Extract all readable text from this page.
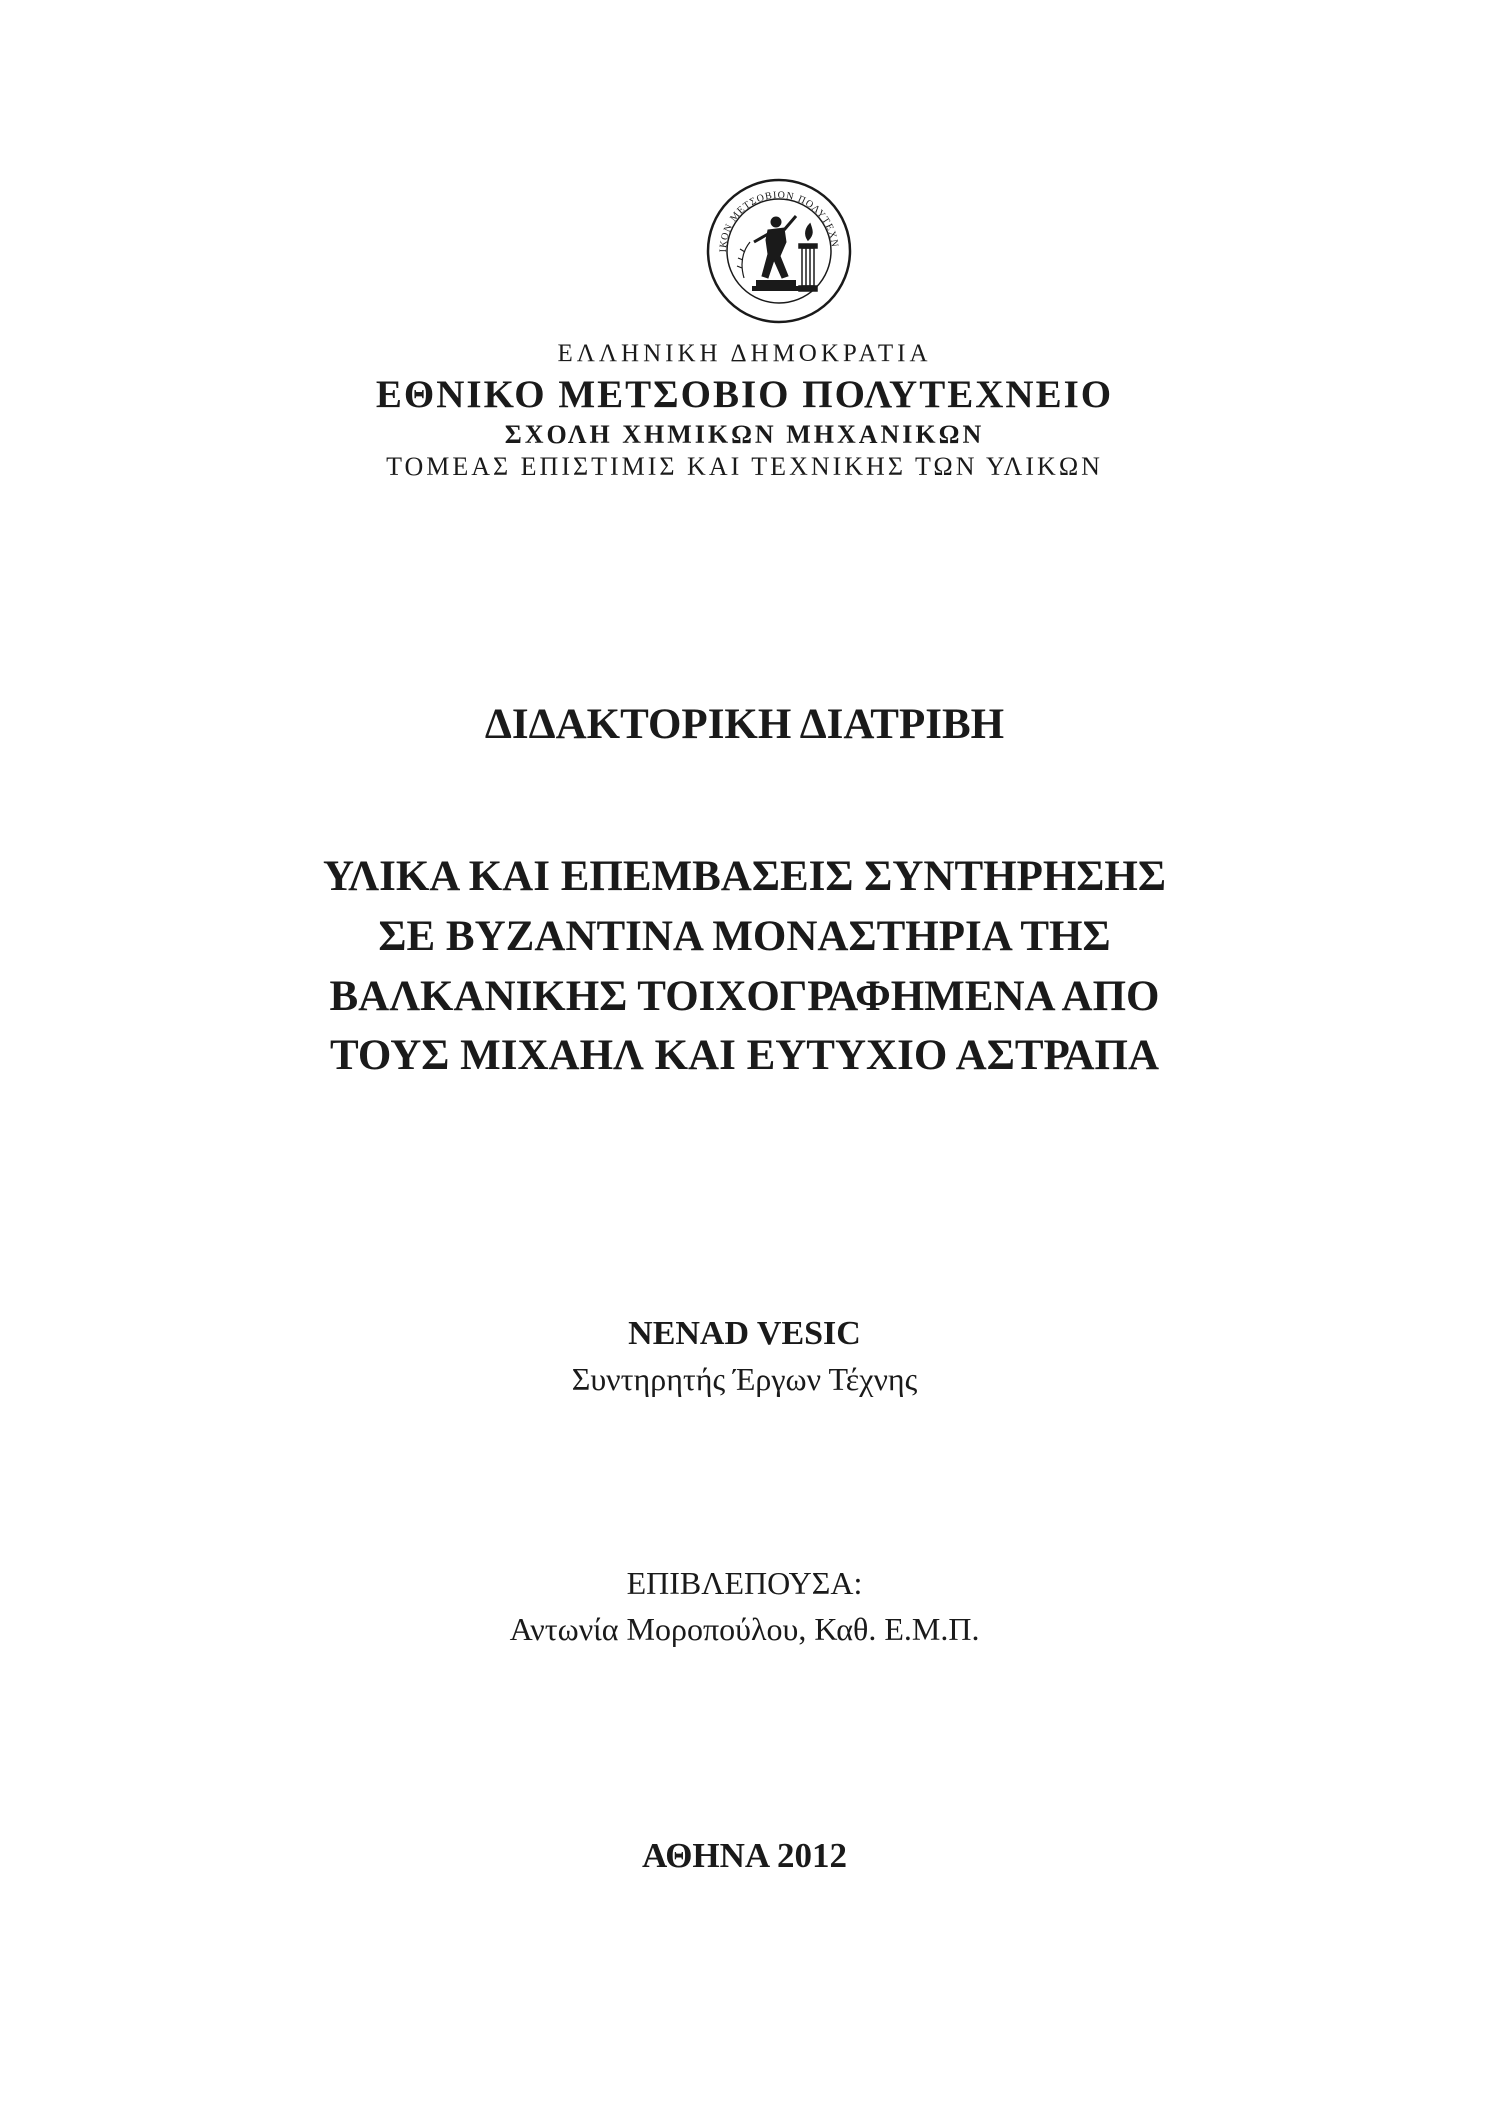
ΙΚΟΝ ΜΕΤΣΟΒΙΟΝ ΠΟΛΥΤΕΧΝ
ΕΛΛΗΝΙΚΗ ΔΗΜΟΚΡΑΤΙΑ
ΕΘΝΙΚΟ ΜΕΤΣΟΒΙΟ ΠΟΛΥΤΕΧΝΕΙΟ
ΣΧΟΛΗ ΧΗΜΙΚΩΝ ΜΗΧΑΝΙΚΩΝ
ΤΟΜΕΑΣ ΕΠΙΣΤΙΜΙΣ ΚΑΙ ΤΕΧΝΙΚΗΣ ΤΩΝ ΥΛΙΚΩΝ
ΔΙΔΑΚΤΟΡΙΚΗ ΔΙΑΤΡΙΒΗ
ΥΛΙΚΑ ΚΑΙ ΕΠΕΜΒΑΣΕΙΣ ΣΥΝΤΗΡΗΣΗΣ
ΣΕ ΒΥΖΑΝΤΙΝΑ ΜΟΝΑΣΤΗΡΙΑ ΤΗΣ
ΒΑΛΚΑΝΙΚΗΣ ΤΟΙΧΟΓΡΑΦΗΜΕΝΑ ΑΠΟ
ΤΟΥΣ ΜΙΧΑΗΛ ΚΑΙ ΕΥΤΥΧΙΟ ΑΣΤΡΑΠΑ
NENAD VESIC
Συντηρητής Έργων Τέχνης
ΕΠΙΒΛΕΠΟΥΣΑ:
Αντωνία Μοροπούλου, Καθ. Ε.Μ.Π.
ΑΘΗΝΑ 2012
